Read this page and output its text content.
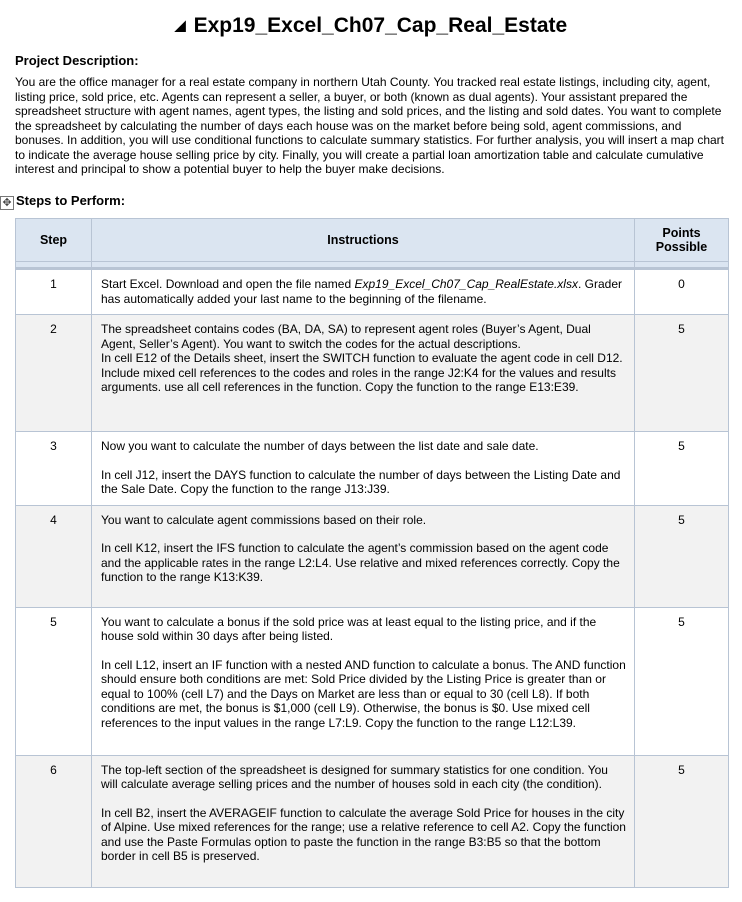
◢ Exp19_Excel_Ch07_Cap_Real_Estate
Project Description:
You are the office manager for a real estate company in northern Utah County. You tracked real estate listings, including city, agent, listing price, sold price, etc. Agents can represent a seller, a buyer, or both (known as dual agents). Your assistant prepared the spreadsheet structure with agent names, agent types, the listing and sold prices, and the listing and sold dates. You want to complete the spreadsheet by calculating the number of days each house was on the market before being sold, agent commissions, and bonuses. In addition, you will use conditional functions to calculate summary statistics. For further analysis, you will insert a map chart to indicate the average house selling price by city. Finally, you will create a partial loan amortization table and calculate cumulative interest and principal to show a potential buyer to help the buyer make decisions.
✥ Steps to Perform:
Step	Instructions	Points Possible

1	Start Excel. Download and open the file named Exp19_Excel_Ch07_Cap_RealEstate.xlsx. Grader has automatically added your last name to the beginning of the filename.	0
2	The spreadsheet contains codes (BA, DA, SA) to represent agent roles (Buyer’s Agent, Dual Agent, Seller’s Agent). You want to switch the codes for the actual descriptions.
In cell E12 of the Details sheet, insert the SWITCH function to evaluate the agent code in cell D12. Include mixed cell references to the codes and roles in the range J2:K4 for the values and results arguments. use all cell references in the function. Copy the function to the range E13:E39.	5
3	Now you want to calculate the number of days between the list date and sale date.

In cell J12, insert the DAYS function to calculate the number of days between the Listing Date and the Sale Date. Copy the function to the range J13:J39.	5
4	You want to calculate agent commissions based on their role.

In cell K12, insert the IFS function to calculate the agent’s commission based on the agent code and the applicable rates in the range L2:L4. Use relative and mixed references correctly. Copy the function to the range K13:K39.	5
5	You want to calculate a bonus if the sold price was at least equal to the listing price, and if the house sold within 30 days after being listed.

In cell L12, insert an IF function with a nested AND function to calculate a bonus. The AND function should ensure both conditions are met: Sold Price divided by the Listing Price is greater than or equal to 100% (cell L7) and the Days on Market are less than or equal to 30 (cell L8). If both conditions are met, the bonus is $1,000 (cell L9). Otherwise, the bonus is $0. Use mixed cell references to the input values in the range L7:L9. Copy the function to the range L12:L39.	5
6	The top-left section of the spreadsheet is designed for summary statistics for one condition. You will calculate average selling prices and the number of houses sold in each city (the condition).

In cell B2, insert the AVERAGEIF function to calculate the average Sold Price for houses in the city of Alpine. Use mixed references for the range; use a relative reference to cell A2. Copy the function and use the Paste Formulas option to paste the function in the range B3:B5 so that the bottom border in cell B5 is preserved.	5
